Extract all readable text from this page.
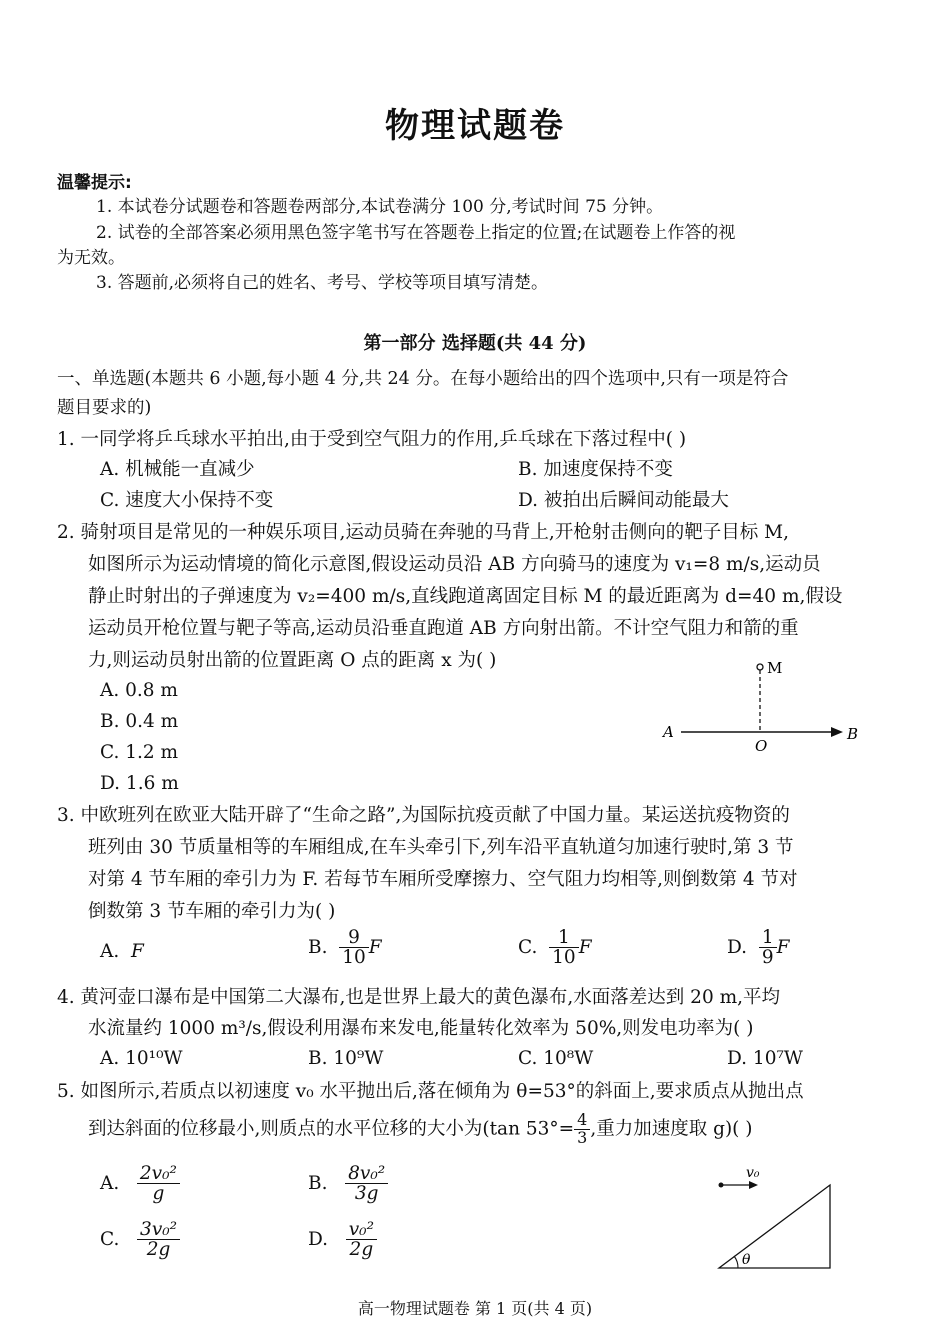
物理试题卷
温馨提示:
1. 本试卷分试题卷和答题卷两部分,本试卷满分 100 分,考试时间 75 分钟。
2. 试卷的全部答案必须用黑色签字笔书写在答题卷上指定的位置;在试题卷上作答的视
为无效。
3. 答题前,必须将自己的姓名、考号、学校等项目填写清楚。
第一部分 选择题(共 44 分)
一、单选题(本题共 6 小题,每小题 4 分,共 24 分。在每小题给出的四个选项中,只有一项是符合
题目要求的)
1. 一同学将乒乓球水平拍出,由于受到空气阻力的作用,乒乓球在下落过程中( )
A. 机械能一直减少	B. 加速度保持不变
C. 速度大小保持不变	D. 被拍出后瞬间动能最大
2. 骑射项目是常见的一种娱乐项目,运动员骑在奔驰的马背上,开枪射击侧向的靶子目标 M,
如图所示为运动情境的简化示意图,假设运动员沿 AB 方向骑马的速度为 v₁=8 m/s,运动员
静止时射出的子弹速度为 v₂=400 m/s,直线跑道离固定目标 M 的最近距离为 d=40 m,假设
运动员开枪位置与靶子等高,运动员沿垂直跑道 AB 方向射出箭。不计空气阻力和箭的重
力,则运动员射出箭的位置距离 O 点的距离 x 为( )
A. 0.8 m
B. 0.4 m
C. 1.2 m
D. 1.6 m
M
A	B
O
3. 中欧班列在欧亚大陆开辟了“生命之路”,为国际抗疫贡献了中国力量。某运送抗疫物资的
班列由 30 节质量相等的车厢组成,在车头牵引下,列车沿平直轨道匀加速行驶时,第 3 节
对第 4 节车厢的牵引力为 F. 若每节车厢所受摩擦力、空气阻力均相等,则倒数第 4 节对
倒数第 3 节车厢的牵引力为( )
A. F	B. $\frac{9}{10}$ F	C. $\frac{1}{10}$ F	D. $\frac{1}{9}$ F
4. 黄河壶口瀑布是中国第二大瀑布,也是世界上最大的黄色瀑布,水面落差达到 20 m,平均
水流量约 1000 m³/s,假设利用瀑布来发电,能量转化效率为 50%,则发电功率为( )
A. 10¹⁰W	B. 10⁹W	C. 10⁸W	D. 10⁷W
5. 如图所示,若质点以初速度 v₀ 水平抛出后,落在倾角为 θ=53°的斜面上,要求质点从抛出点
到达斜面的位移最小,则质点的水平位移的大小为(tan $53^\circ= \frac{4}{3}$ ,重力加速度取 g)( )
A. $\frac{\text{2v₀²}}{g}$	B. $\frac{\text{8v₀²}}{3g}$
C. $\frac{\text{3v₀²}}{2g}$	D. $\frac{\text{v₀²}}{2g}$
v₀
θ
高一物理试题卷 第 1 页(共 4 页)
